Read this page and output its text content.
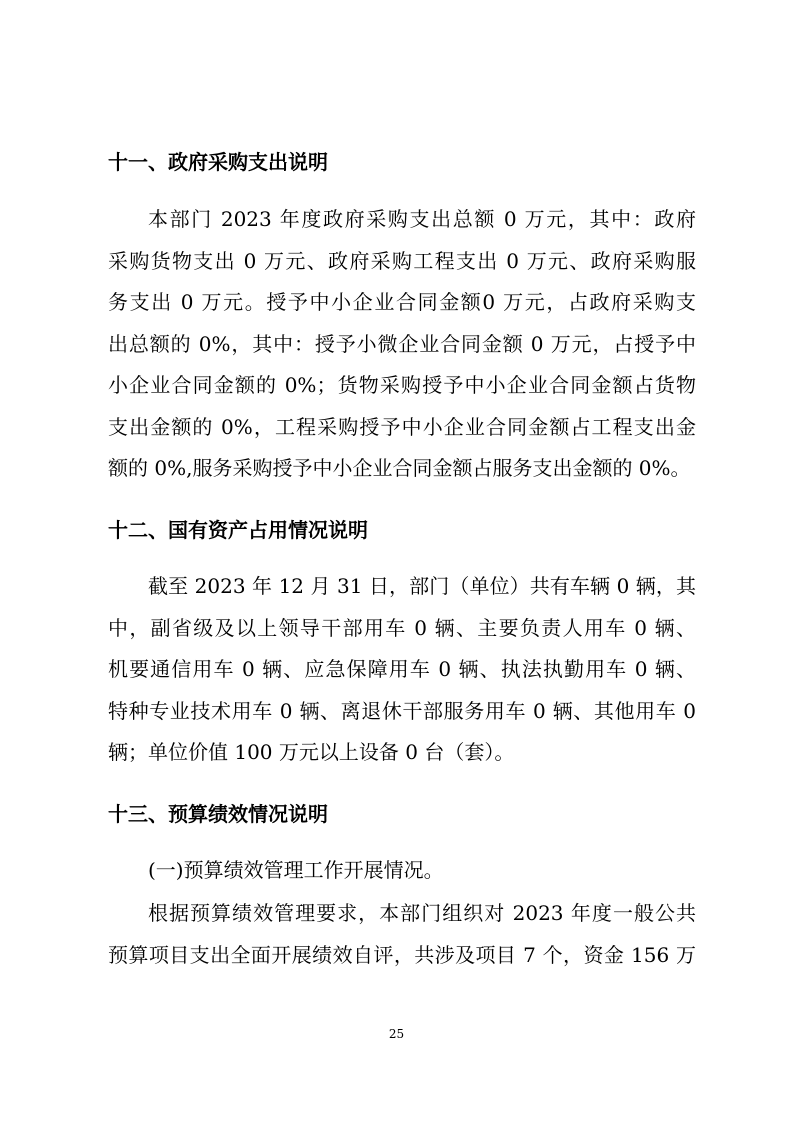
十一、政府采购支出说明
本部门 2023 年度政府采购支出总额 0 万元，其中：政府
采购货物支出 0 万元、政府采购工程支出 0 万元、政府采购服
务支出 0 万元。授予中小企业合同金额0 万元，占政府采购支
出总额的 0%，其中：授予小微企业合同金额 0 万元，占授予中
小企业合同金额的 0%；货物采购授予中小企业合同金额占货物
支出金额的 0%，工程采购授予中小企业合同金额占工程支出金
额的 0%,服务采购授予中小企业合同金额占服务支出金额的 0%。
十二、国有资产占用情况说明
截至 2023 年 12 月 31 日，部门（单位）共有车辆 0 辆，其
中，副省级及以上领导干部用车 0 辆、主要负责人用车 0 辆、
机要通信用车 0 辆、应急保障用车 0 辆、执法执勤用车 0 辆、
特种专业技术用车 0 辆、离退休干部服务用车 0 辆、其他用车 0
辆；单位价值 100 万元以上设备 0 台（套）。
十三、预算绩效情况说明
(一)预算绩效管理工作开展情况。
根据预算绩效管理要求，本部门组织对 2023 年度一般公共
预算项目支出全面开展绩效自评，共涉及项目 7 个，资金 156 万
25
